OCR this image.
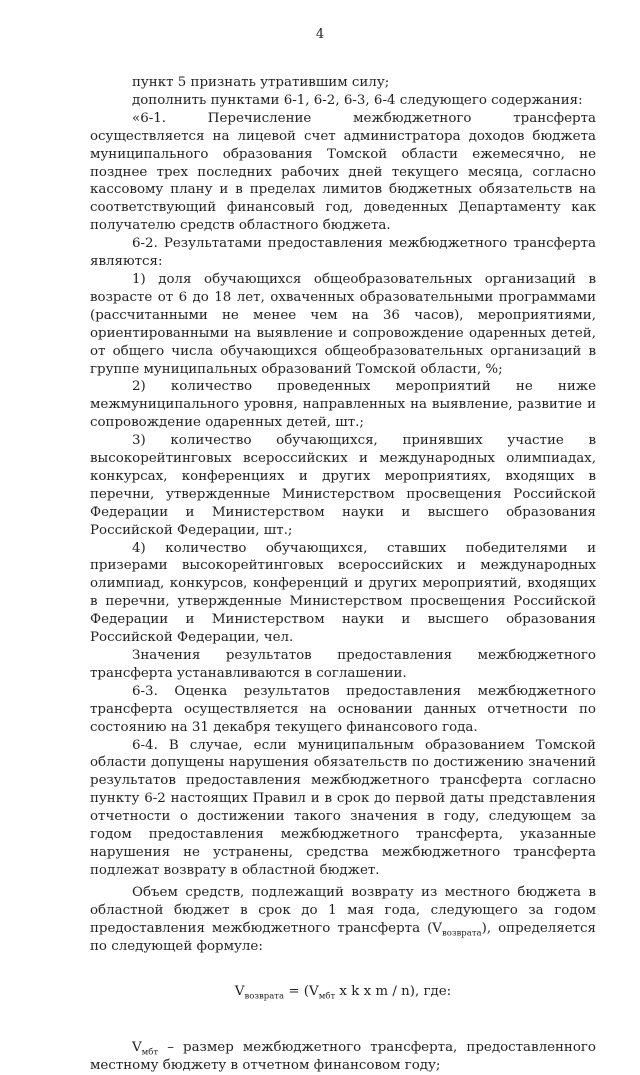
4

пункт 5 признать утратившим силу;

дополнить пунктами 6-1, 6-2, 6-3, 6-4 следующего содержания:

«6-1. Перечисление межбюджетного трансферта осуществляется на лицевой счет администратора доходов бюджета муниципального образования Томской области ежемесячно, не позднее трех последних рабочих дней текущего месяца, согласно кассовому плану и в пределах лимитов бюджетных обязательств на соответствующий финансовый год, доведенных Департаменту как получателю средств областного бюджета.

6-2. Результатами предоставления межбюджетного трансферта являются:

1) доля обучающихся общеобразовательных организаций в возрасте от 6 до 18 лет, охваченных образовательными программами (рассчитанными не менее чем на 36 часов), мероприятиями, ориентированными на выявление и сопровождение одаренных детей, от общего числа обучающихся общеобразовательных организаций в группе муниципальных образований Томской области, %;

2) количество проведенных мероприятий не ниже межмуниципального уровня, направленных на выявление, развитие и сопровождение одаренных детей, шт.;

3) количество обучающихся, принявших участие в высокорейтинговых всероссийских и международных олимпиадах, конкурсах, конференциях и других мероприятиях, входящих в перечни, утвержденные Министерством просвещения Российской Федерации и Министерством науки и высшего образования Российской Федерации, шт.;

4) количество обучающихся, ставших победителями и призерами высокорейтинговых всероссийских и международных олимпиад, конкурсов, конференций и других мероприятий, входящих в перечни, утвержденные Министерством просвещения Российской Федерации и Министерством науки и высшего образования Российской Федерации, чел.

Значения результатов предоставления межбюджетного трансферта устанавливаются в соглашении.

6-3. Оценка результатов предоставления межбюджетного трансферта осуществляется на основании данных отчетности по состоянию на 31 декабря текущего финансового года.

6-4. В случае, если муниципальным образованием Томской области допущены нарушения обязательств по достижению значений результатов предоставления межбюджетного трансферта согласно пункту 6-2 настоящих Правил и в срок до первой даты представления отчетности о достижении такого значения в году, следующем за годом предоставления межбюджетного трансферта, указанные нарушения не устранены, средства межбюджетного трансферта подлежат возврату в областной бюджет.

Объем средств, подлежащий возврату из местного бюджета в областной бюджет в срок до 1 мая года, следующего за годом предоставления межбюджетного трансферта $(V_{возврата})$, определяется по следующей формуле:

$V_{возврата} = (V_{мбт}$ x k x m / n), где:

$V_{мбт}$ – размер межбюджетного трансферта, предоставленного местному бюджету в отчетном финансовом году;
